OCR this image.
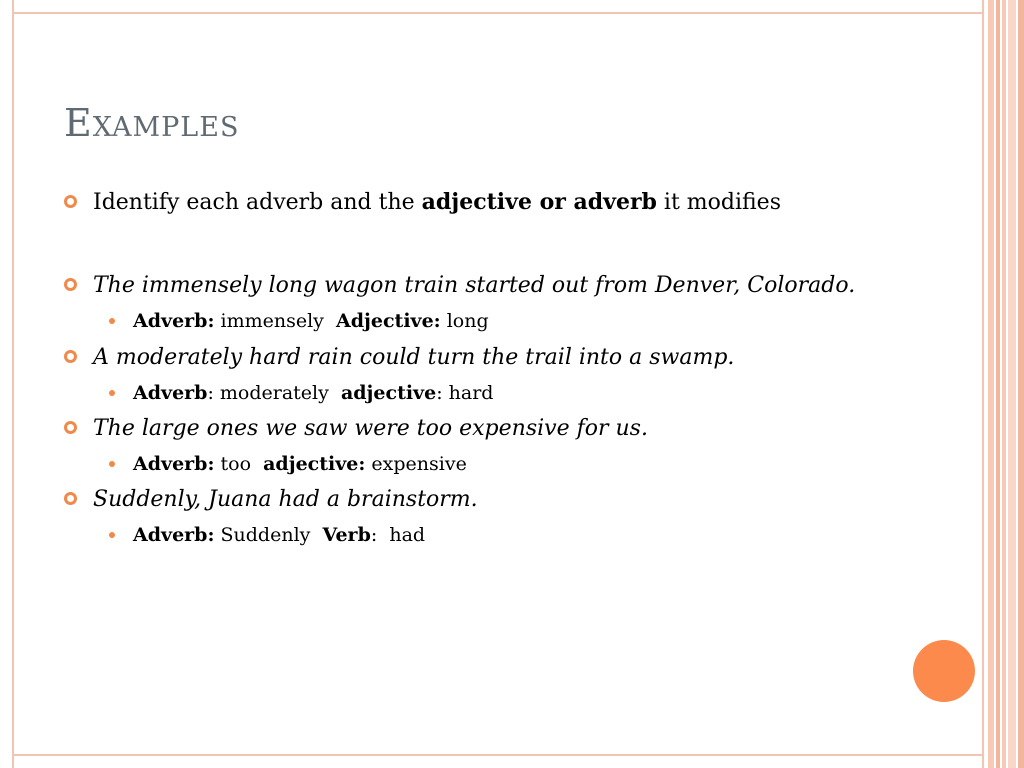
Examples
Identify each adverb and the adjective or adverb it modifies
The immensely long wagon train started out from Denver, Colorado.
Adverb: immensely  Adjective: long
A moderately hard rain could turn the trail into a swamp.
Adverb: moderately  adjective: hard
The large ones we saw were too expensive for us.
Adverb: too  adjective: expensive
Suddenly, Juana had a brainstorm.
Adverb: Suddenly  Verb:  had
